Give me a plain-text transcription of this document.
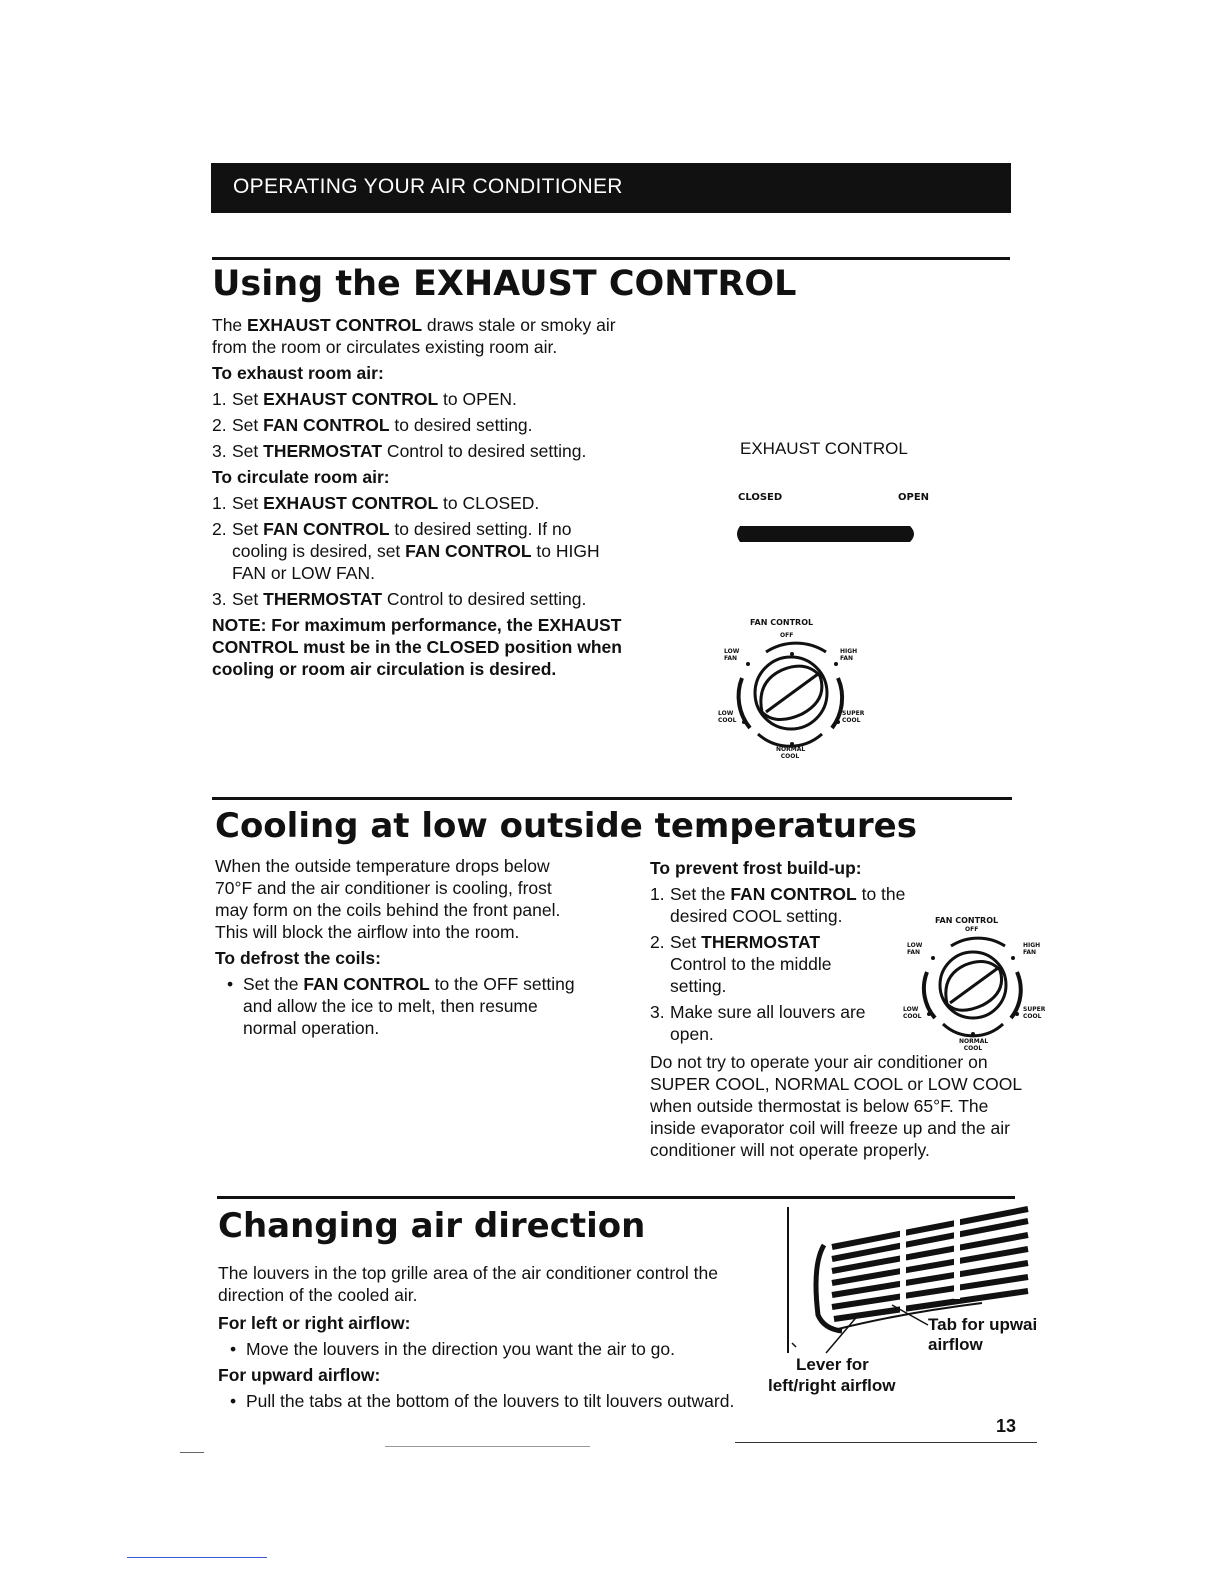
OPERATING YOUR AIR CONDITIONER
Using the EXHAUST CONTROL

The EXHAUST CONTROL draws stale or smoky air from the room or circulates existing room air.

To exhaust room air:
1. Set EXHAUST CONTROL to OPEN.
2. Set FAN CONTROL to desired setting.
3. Set THERMOSTAT Control to desired setting.
To circulate room air:
1. Set EXHAUST CONTROL to CLOSED.
2. Set FAN CONTROL to desired setting. If no cooling is desired, set FAN CONTROL to HIGH FAN or LOW FAN.
3. Set THERMOSTAT Control to desired setting.
NOTE: For maximum performance, the EXHAUST CONTROL must be in the CLOSED position when cooling or room air circulation is desired.
EXHAUST CONTROL
CLOSED	OPEN
FAN CONTROL
OFF
LOW FAN
HIGH FAN
LOW COOL
SUPER COOL
NORMAL COOL
Cooling at low outside temperatures

When the outside temperature drops below 70°F and the air conditioner is cooling, frost may form on the coils behind the front panel. This will block the airflow into the room.

To defrost the coils:
• Set the FAN CONTROL to the OFF setting and allow the ice to melt, then resume normal operation.
To prevent frost build-up:
1. Set the FAN CONTROL to the desired COOL setting.
2. Set THERMOSTAT Control to the middle setting.
3. Make sure all louvers are open.
Do not try to operate your air conditioner on SUPER COOL, NORMAL COOL or LOW COOL when outside thermostat is below 65°F. The inside evaporator coil will freeze up and the air conditioner will not operate properly.
FAN CONTROL
OFF
LOW FAN
HIGH FAN
LOW COOL
SUPER COOL
NORMAL COOL
Changing air direction

The louvers in the top grille area of the air conditioner control the direction of the cooled air.

For left or right airflow:
• Move the louvers in the direction you want the air to go.
For upward airflow:
• Pull the tabs at the bottom of the louvers to tilt louvers outward.
Tab for upwai
airflow
Lever for
left/right airflow
13
